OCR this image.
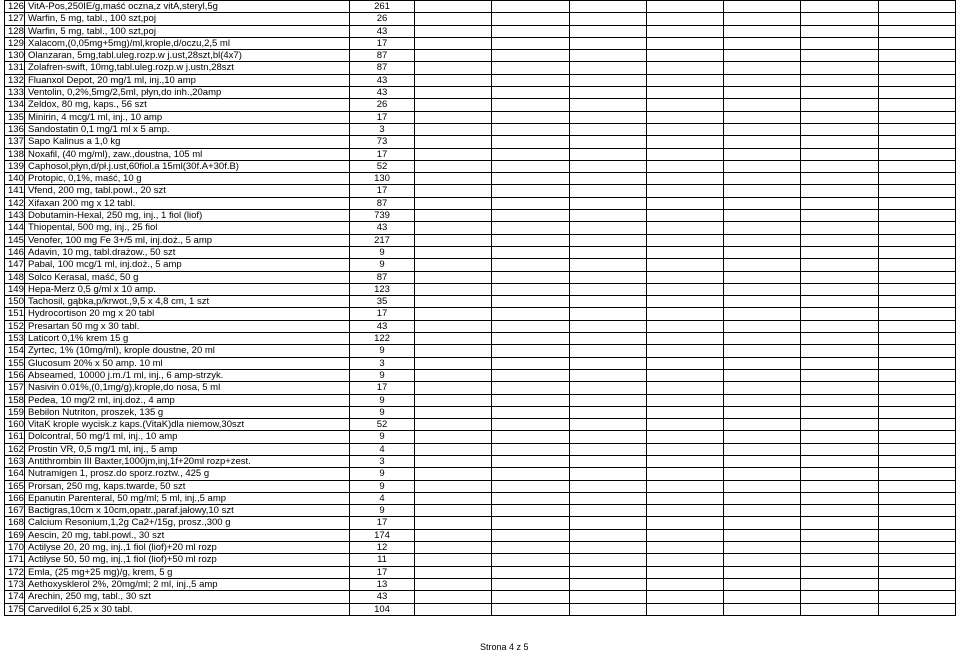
126	VitA-Pos,250IE/g,maść oczna,z vitA,steryl,5g	261							
127	Warfin, 5 mg, tabl., 100 szt,poj	26							
128	Warfin, 5 mg, tabl., 100 szt,poj	43							
129	Xalacom,(0,05mg+5mg)/ml,krople,d/oczu,2,5 ml	17							
130	Olanzaran, 5mg,tabl.uleg.rozp.w j.ust,28szt,bl(4x7)	87							
131	Zolafren-swift, 10mg,tabl.uleg.rozp.w j.ustn,28szt	87							
132	Fluanxol Depot, 20 mg/1 ml, inj.,10 amp	43							
133	Ventolin, 0,2%,5mg/2,5ml, płyn,do inh.,20amp	43							
134	Zeldox, 80 mg, kaps., 56 szt	26							
135	Minirin, 4 mcg/1 ml, inj., 10 amp	17							
136	Sandostatin 0,1 mg/1 ml x 5 amp.	3							
137	Sapo Kalinus a 1,0 kg	73							
138	Noxafil, (40 mg/ml), zaw.,doustna, 105 ml	17							
139	Caphosol,płyn,d/pł.j.ust,60fiol.a 15ml(30f.A+30f.B)	52							
140	Protopic, 0,1%, maść, 10 g	130							
141	Vfend, 200 mg, tabl.powl., 20 szt	17							
142	Xifaxan 200 mg x 12 tabl.	87							
143	Dobutamin-Hexal, 250 mg, inj., 1 fiol (liof)	739							
144	Thiopental, 500 mg, inj., 25 fiol	43							
145	Venofer, 100 mg Fe 3+/5 ml, inj.doż., 5 amp	217							
146	Adavin, 10 mg, tabl.drażow., 50 szt	9							
147	Pabal, 100 mcg/1 ml, inj.doż., 5 amp	9							
148	Solco Kerasal, maść, 50 g	87							
149	Hepa-Merz 0,5 g/ml x 10 amp.	123							
150	Tachosil, gąbka,p/krwot.,9,5 x 4,8 cm, 1 szt	35							
151	Hydrocortison 20 mg x 20 tabl	17							
152	Presartan 50 mg x 30 tabl.	43							
153	Laticort 0,1% krem 15 g	122							
154	Zyrtec, 1% (10mg/ml), krople doustne, 20 ml	9							
155	Glucosum 20% x 50 amp. 10 ml	3							
156	Abseamed, 10000 j.m./1 ml, inj., 6 amp-strzyk.	9							
157	Nasivin 0.01%,(0,1mg/g),krople,do nosa, 5 ml	17							
158	Pedea, 10 mg/2 ml, inj.doż., 4 amp	9							
159	Bebilon Nutriton, proszek, 135 g	9							
160	VitaK krople wycisk.z kaps.(VitaK)dla niemow,30szt	52							
161	Dolcontral, 50 mg/1 ml, inj., 10 amp	9							
162	Prostin VR, 0,5 mg/1 ml, inj., 5 amp	4							
163	Antithrombin III Baxter,1000jm,inj,1f+20ml rozp+zest.	3							
164	Nutramigen 1, prosz.do sporz.roztw., 425 g	9							
165	Prorsan, 250 mg, kaps.twarde, 50 szt	9							
166	Epanutin Parenteral, 50 mg/ml; 5 ml, inj.,5 amp	4							
167	Bactigras,10cm x 10cm,opatr.,paraf.jałowy,10 szt	9							
168	Calcium Resonium,1,2g Ca2+/15g, prosz.,300 g	17							
169	Aescin, 20 mg, tabl.powl., 30 szt	174							
170	Actilyse 20, 20 mg, inj.,1 fiol (liof)+20 ml rozp	12							
171	Actilyse 50, 50 mg, inj.,1 fiol (liof)+50 ml rozp	11							
172	Emla, (25 mg+25 mg)/g, krem, 5 g	17							
173	Aethoxysklerol 2%, 20mg/ml; 2 ml, inj.,5 amp	13							
174	Arechin, 250 mg, tabl., 30 szt	43							
175	Carvedilol 6,25 x 30 tabl.	104							
Strona 4 z 5
